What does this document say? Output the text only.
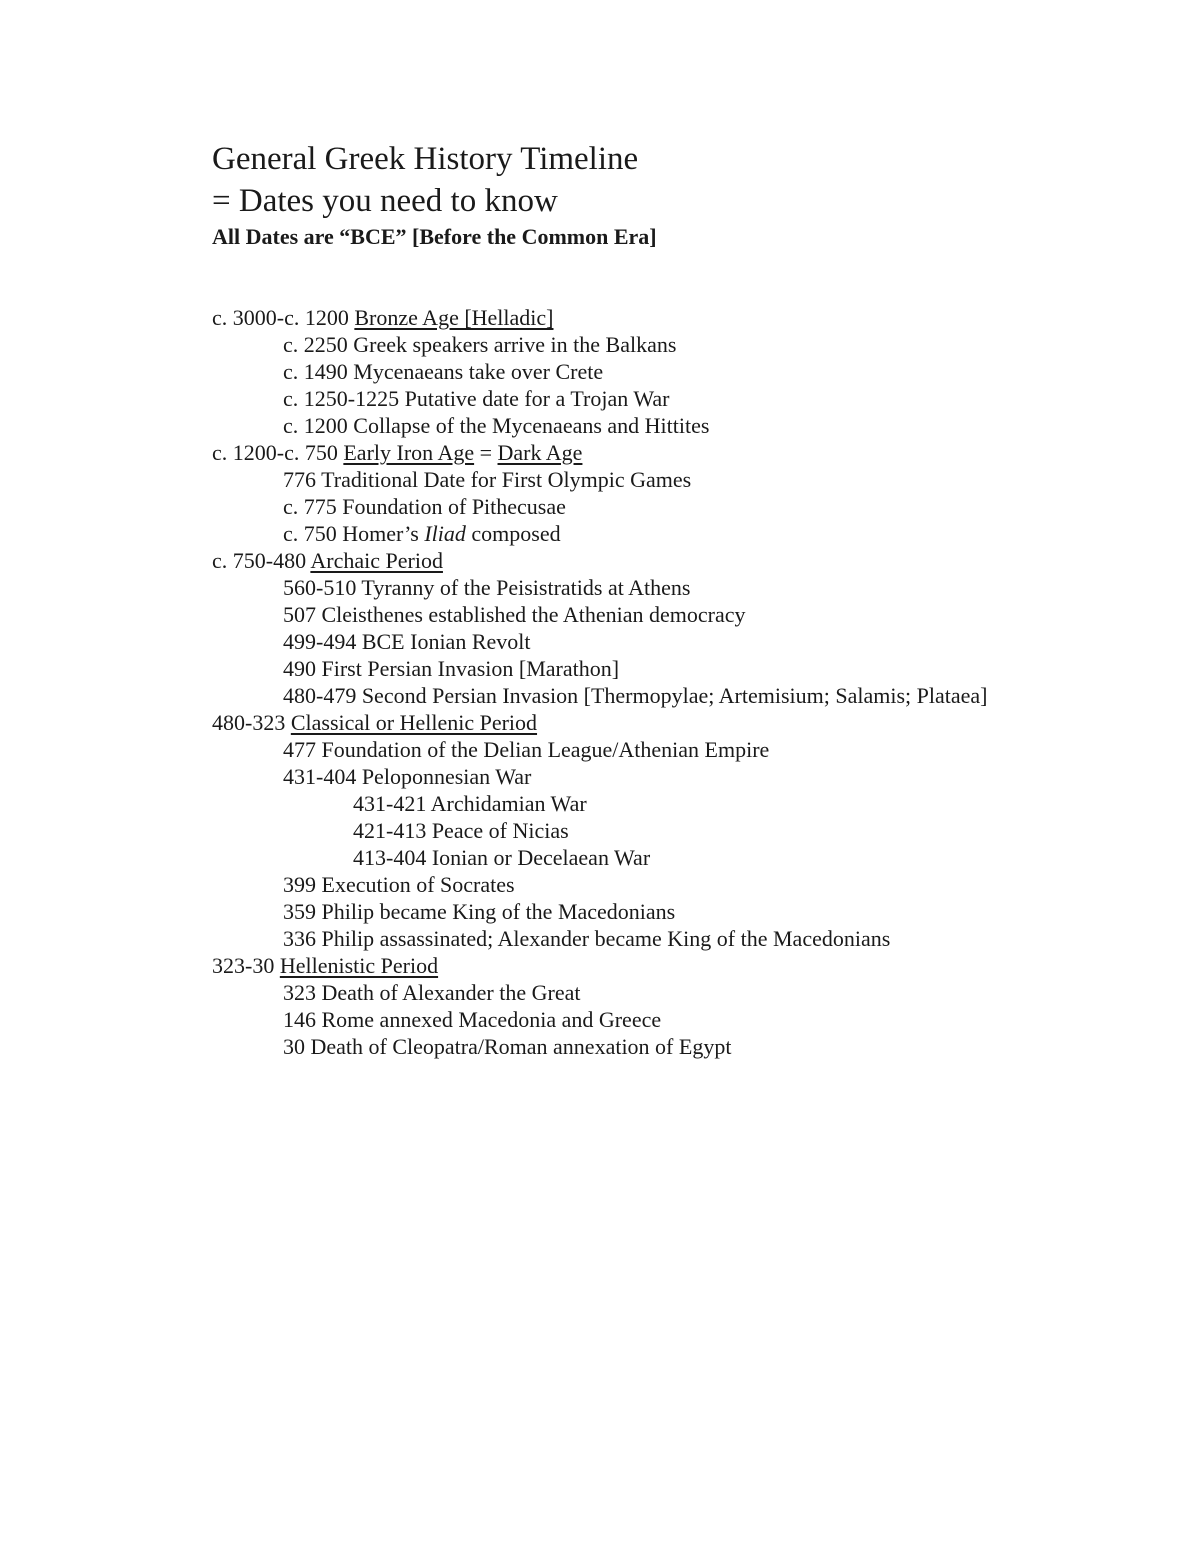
General Greek History Timeline
= Dates you need to know

All Dates are “BCE” [Before the Common Era]

c. 3000-c. 1200 Bronze Age [Helladic]
c. 2250 Greek speakers arrive in the Balkans
c. 1490 Mycenaeans take over Crete
c. 1250-1225 Putative date for a Trojan War
c. 1200 Collapse of the Mycenaeans and Hittites
c. 1200-c. 750 Early Iron Age = Dark Age
776 Traditional Date for First Olympic Games
c. 775 Foundation of Pithecusae
c. 750 Homer’s Iliad composed
c. 750-480 Archaic Period
560-510 Tyranny of the Peisistratids at Athens
507 Cleisthenes established the Athenian democracy
499-494 BCE Ionian Revolt
490 First Persian Invasion [Marathon]
480-479 Second Persian Invasion [Thermopylae; Artemisium; Salamis; Plataea]
480-323 Classical or Hellenic Period
477 Foundation of the Delian League/Athenian Empire
431-404 Peloponnesian War
431-421 Archidamian War
421-413 Peace of Nicias
413-404 Ionian or Decelaean War
399 Execution of Socrates
359 Philip became King of the Macedonians
336 Philip assassinated; Alexander became King of the Macedonians
323-30 Hellenistic Period
323 Death of Alexander the Great
146 Rome annexed Macedonia and Greece
30 Death of Cleopatra/Roman annexation of Egypt
